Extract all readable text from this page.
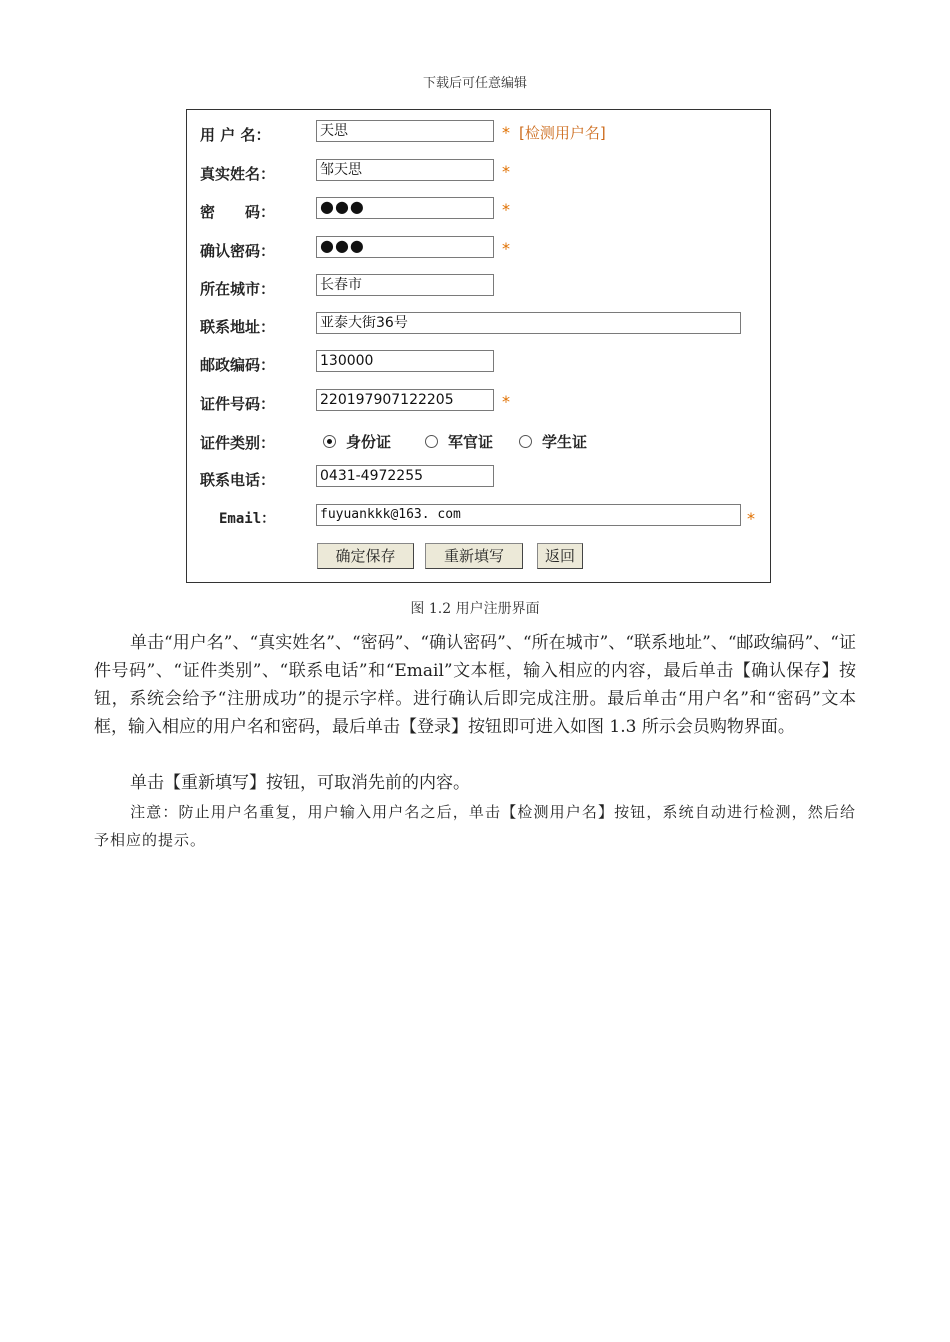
下载后可任意编辑
用 户 名：	天思	* [检测用户名]
真实姓名：	邹天思	*
密　　码：	●●●	*
确认密码：	●●●	*
所在城市：	长春市
联系地址：	亚泰大街36号
邮政编码：	130000
证件号码：	220197907122205	*
证件类别：	身份证	军官证	学生证
联系电话：	0431-4972255
Email：	fuyuankkk@163. com	*
确定保存	重新填写	返回
图 1.2 用户注册界面
单击“用户名”、“真实姓名”、“密码”、“确认密码”、“所在城市”、“联系地址”、“邮政编码”、“证件号码”、“证件类别”、“联系电话”和“Email”文本框，输入相应的内容，最后单击【确认保存】按钮，系统会给予“注册成功”的提示字样。进行确认后即完成注册。最后单击“用户名”和“密码”文本框，输入相应的用户名和密码，最后单击【登录】按钮即可进入如图 1.3 所示会员购物界面。
单击【重新填写】按钮，可取消先前的内容。
注意：防止用户名重复，用户输入用户名之后，单击【检测用户名】按钮，系统自动进行检测，然后给予相应的提示。
